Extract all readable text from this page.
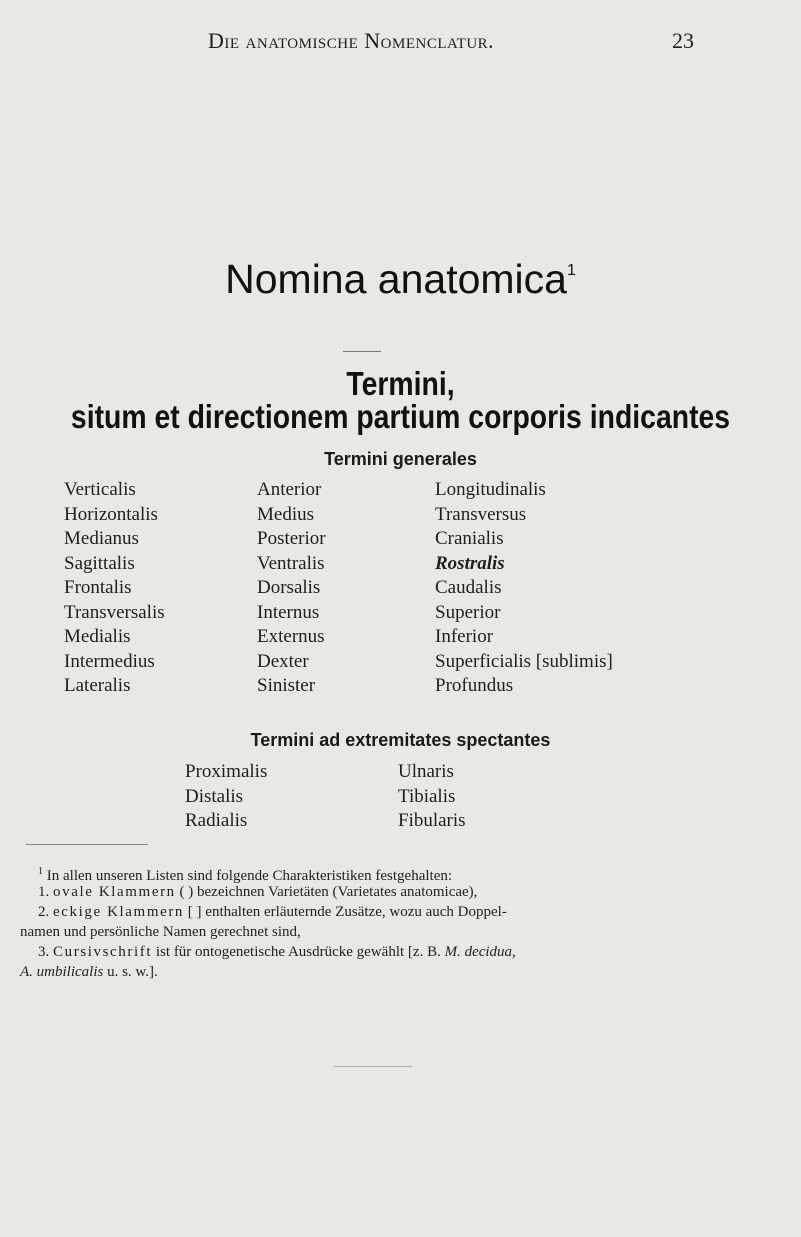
Die anatomische Nomenclatur.	23
Nomina anatomica$^1$
Termini,
situm et directionem partium corporis indicantes
Termini generales
Verticalis
Horizontalis
Medianus
Sagittalis
Frontalis
Transversalis
Medialis
Intermedius
Lateralis
Anterior
Medius
Posterior
Ventralis
Dorsalis
Internus
Externus
Dexter
Sinister
Longitudinalis
Transversus
Cranialis
Rostralis
Caudalis
Superior
Inferior
Superficialis [sublimis]
Profundus
Termini ad extremitates spectantes
Proximalis
Distalis
Radialis
Ulnaris
Tibialis
Fibularis
$^1$ In allen unseren Listen sind folgende Charakteristiken festgehalten:
1. ovale Klammern ( ) bezeichnen Varietäten (Varietates anatomicae),
2. eckige Klammern [ ] enthalten erläuternde Zusätze, wozu auch Doppel-
namen und persönliche Namen gerechnet sind,
3. Cursivschrift ist für ontogenetische Ausdrücke gewählt [z. B. M. decidua,
A. umbilicalis u. s. w.].
